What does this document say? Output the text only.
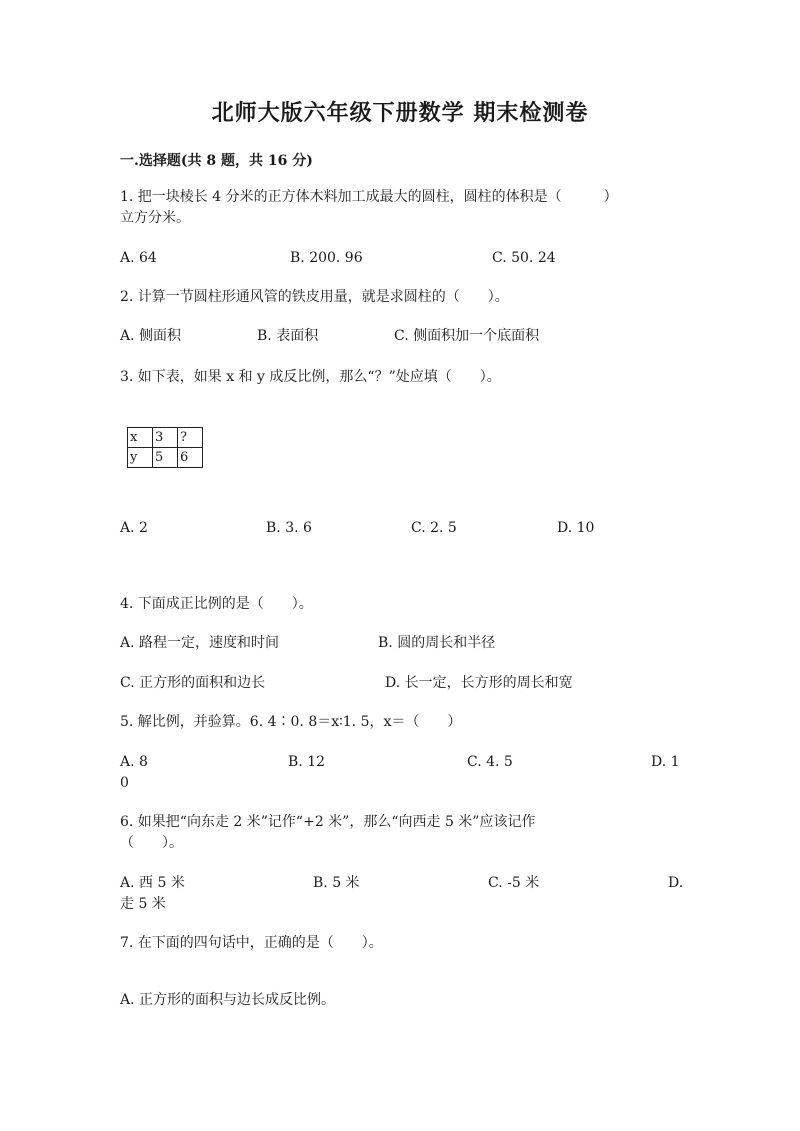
北师大版六年级下册数学 期末检测卷
一.选择题(共 8 题，共 16 分)
1. 把一块棱长 4 分米的正方体木料加工成最大的圆柱，圆柱的体积是（　　　）
立方分米。
A. 64	B. 200. 96	C. 50. 24
2. 计算一节圆柱形通风管的铁皮用量，就是求圆柱的（　　）。
A. 侧面积	B. 表面积	C. 侧面积加一个底面积
3. 如下表，如果 x 和 y 成反比例，那么“？”处应填（　　）。
x	3	?
y	5	6
A. 2	B. 3. 6	C. 2. 5	D. 10
4. 下面成正比例的是（　　）。
A. 路程一定，速度和时间	B. 圆的周长和半径
C. 正方形的面积和边长	D. 长一定，长方形的周长和宽
5. 解比例，并验算。6. 4∶0. 8＝x∶1. 5，x＝（　　）
A. 8	B. 12	C. 4. 5	D. 1
0
6. 如果把“向东走 2 米”记作“+2 米”，那么“向西走 5 米”应该记作
（　　）。
A. 西 5 米	B. 5 米	C. -5 米	D.
走 5 米
7. 在下面的四句话中，正确的是（　　）。
A. 正方形的面积与边长成反比例。
